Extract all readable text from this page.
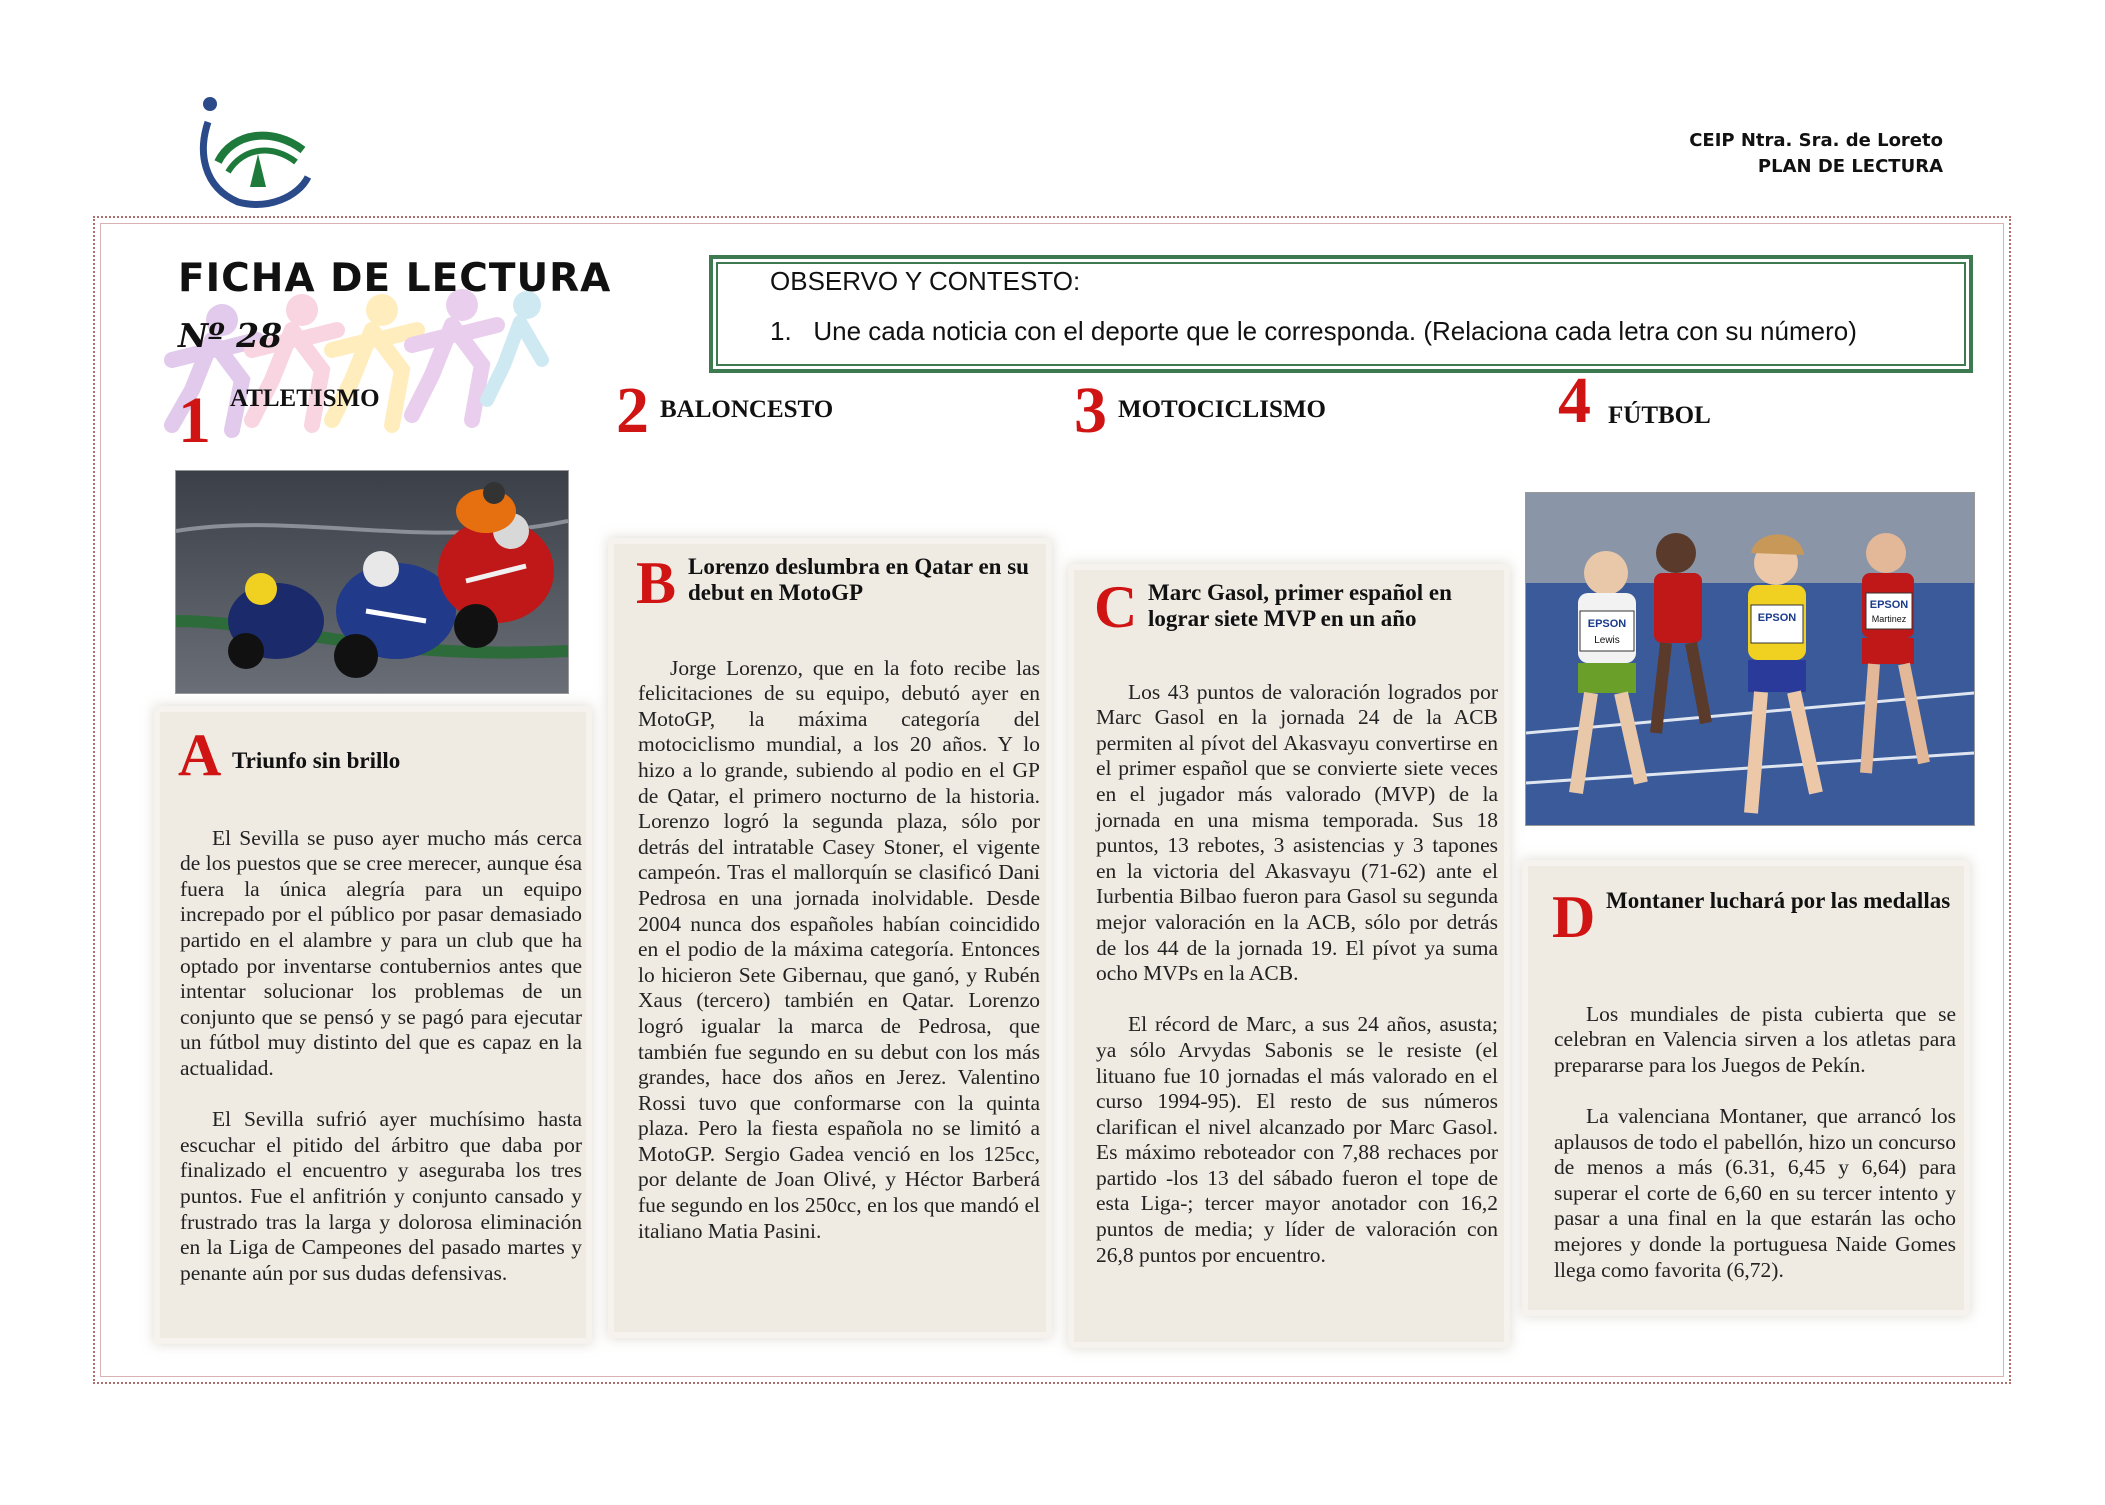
CEIP Ntra. Sra. de Loreto
PLAN DE LECTURA
FICHA DE LECTURA
Nº 28
OBSERVO Y CONTESTO:
1.   Une cada noticia con el deporte que le corresponda. (Relaciona cada letra con su número)
1 ATLETISMO	2 BALONCESTO	3 MOTOCICLISMO	4 FÚTBOL
EPSON
Lewis
EPSON
EPSON
Martinez
A Triunfo sin brillo

El Sevilla se puso ayer mucho más cerca de los puestos que se cree merecer, aunque ésa fuera la única alegría para un equipo increpado por el público por pasar demasiado partido en el alambre y para un club que ha optado por inventarse contubernios antes que intentar solucionar los problemas de un conjunto que se pensó y se pagó para ejecutar un fútbol muy distinto del que es capaz en la actualidad.

El Sevilla sufrió ayer muchísimo hasta escuchar el pitido del árbitro que daba por finalizado el encuentro y aseguraba los tres puntos. Fue el anfitrión y conjunto cansado y frustrado tras la larga y dolorosa eliminación en la Liga de Campeones del pasado martes y penante aún por sus dudas defensivas.

B Lorenzo deslumbra en Qatar en su debut en MotoGP

Jorge Lorenzo, que en la foto recibe las felicitaciones de su equipo, debutó ayer en MotoGP, la máxima categoría del motociclismo mundial, a los 20 años. Y lo hizo a lo grande, subiendo al podio en el GP de Qatar, el primero nocturno de la historia. Lorenzo logró la segunda plaza, sólo por detrás del intratable Casey Stoner, el vigente campeón. Tras el mallorquín se clasificó Dani Pedrosa en una jornada inolvidable. Desde 2004 nunca dos españoles habían coincidido en el podio de la máxima categoría. Entonces lo hicieron Sete Gibernau, que ganó, y Rubén Xaus (tercero) también en Qatar. Lorenzo logró igualar la marca de Pedrosa, que también fue segundo en su debut con los más grandes, hace dos años en Jerez. Valentino Rossi tuvo que conformarse con la quinta plaza. Pero la fiesta española no se limitó a MotoGP. Sergio Gadea venció en los 125cc, por delante de Joan Olivé, y Héctor Barberá fue segundo en los 250cc, en los que mandó el italiano Matia Pasini.

C Marc Gasol, primer español en lograr siete MVP en un año

Los 43 puntos de valoración logrados por Marc Gasol en la jornada 24 de la ACB permiten al pívot del Akasvayu convertirse en el primer español que se convierte siete veces en el jugador más valorado (MVP) de la jornada en una misma temporada. Sus 18 puntos, 13 rebotes, 3 asistencias y 3 tapones en la victoria del Akasvayu (71-62) ante el Iurbentia Bilbao fueron para Gasol su segunda mejor valoración en la ACB, sólo por detrás de los 44 de la jornada 19. El pívot ya suma ocho MVPs en la ACB.

El récord de Marc, a sus 24 años, asusta; ya sólo Arvydas Sabonis se le resiste (el lituano fue 10 jornadas el más valorado en el curso 1994-95). El resto de sus números clarifican el nivel alcanzado por Marc Gasol. Es máximo reboteador con 7,88 rechaces por partido -los 13 del sábado fueron el tope de esta Liga-; tercer mayor anotador con 16,2 puntos de media; y líder de valoración con 26,8 puntos por encuentro.

D Montaner luchará por las medallas

Los mundiales de pista cubierta que se celebran en Valencia sirven a los atletas para prepararse para los Juegos de Pekín.

La valenciana Montaner, que arrancó los aplausos de todo el pabellón, hizo un concurso de menos a más (6.31, 6,45 y 6,64) para superar el corte de 6,60 en su tercer intento y pasar a una final en la que estarán las ocho mejores y donde la portuguesa Naide Gomes llega como favorita (6,72).
